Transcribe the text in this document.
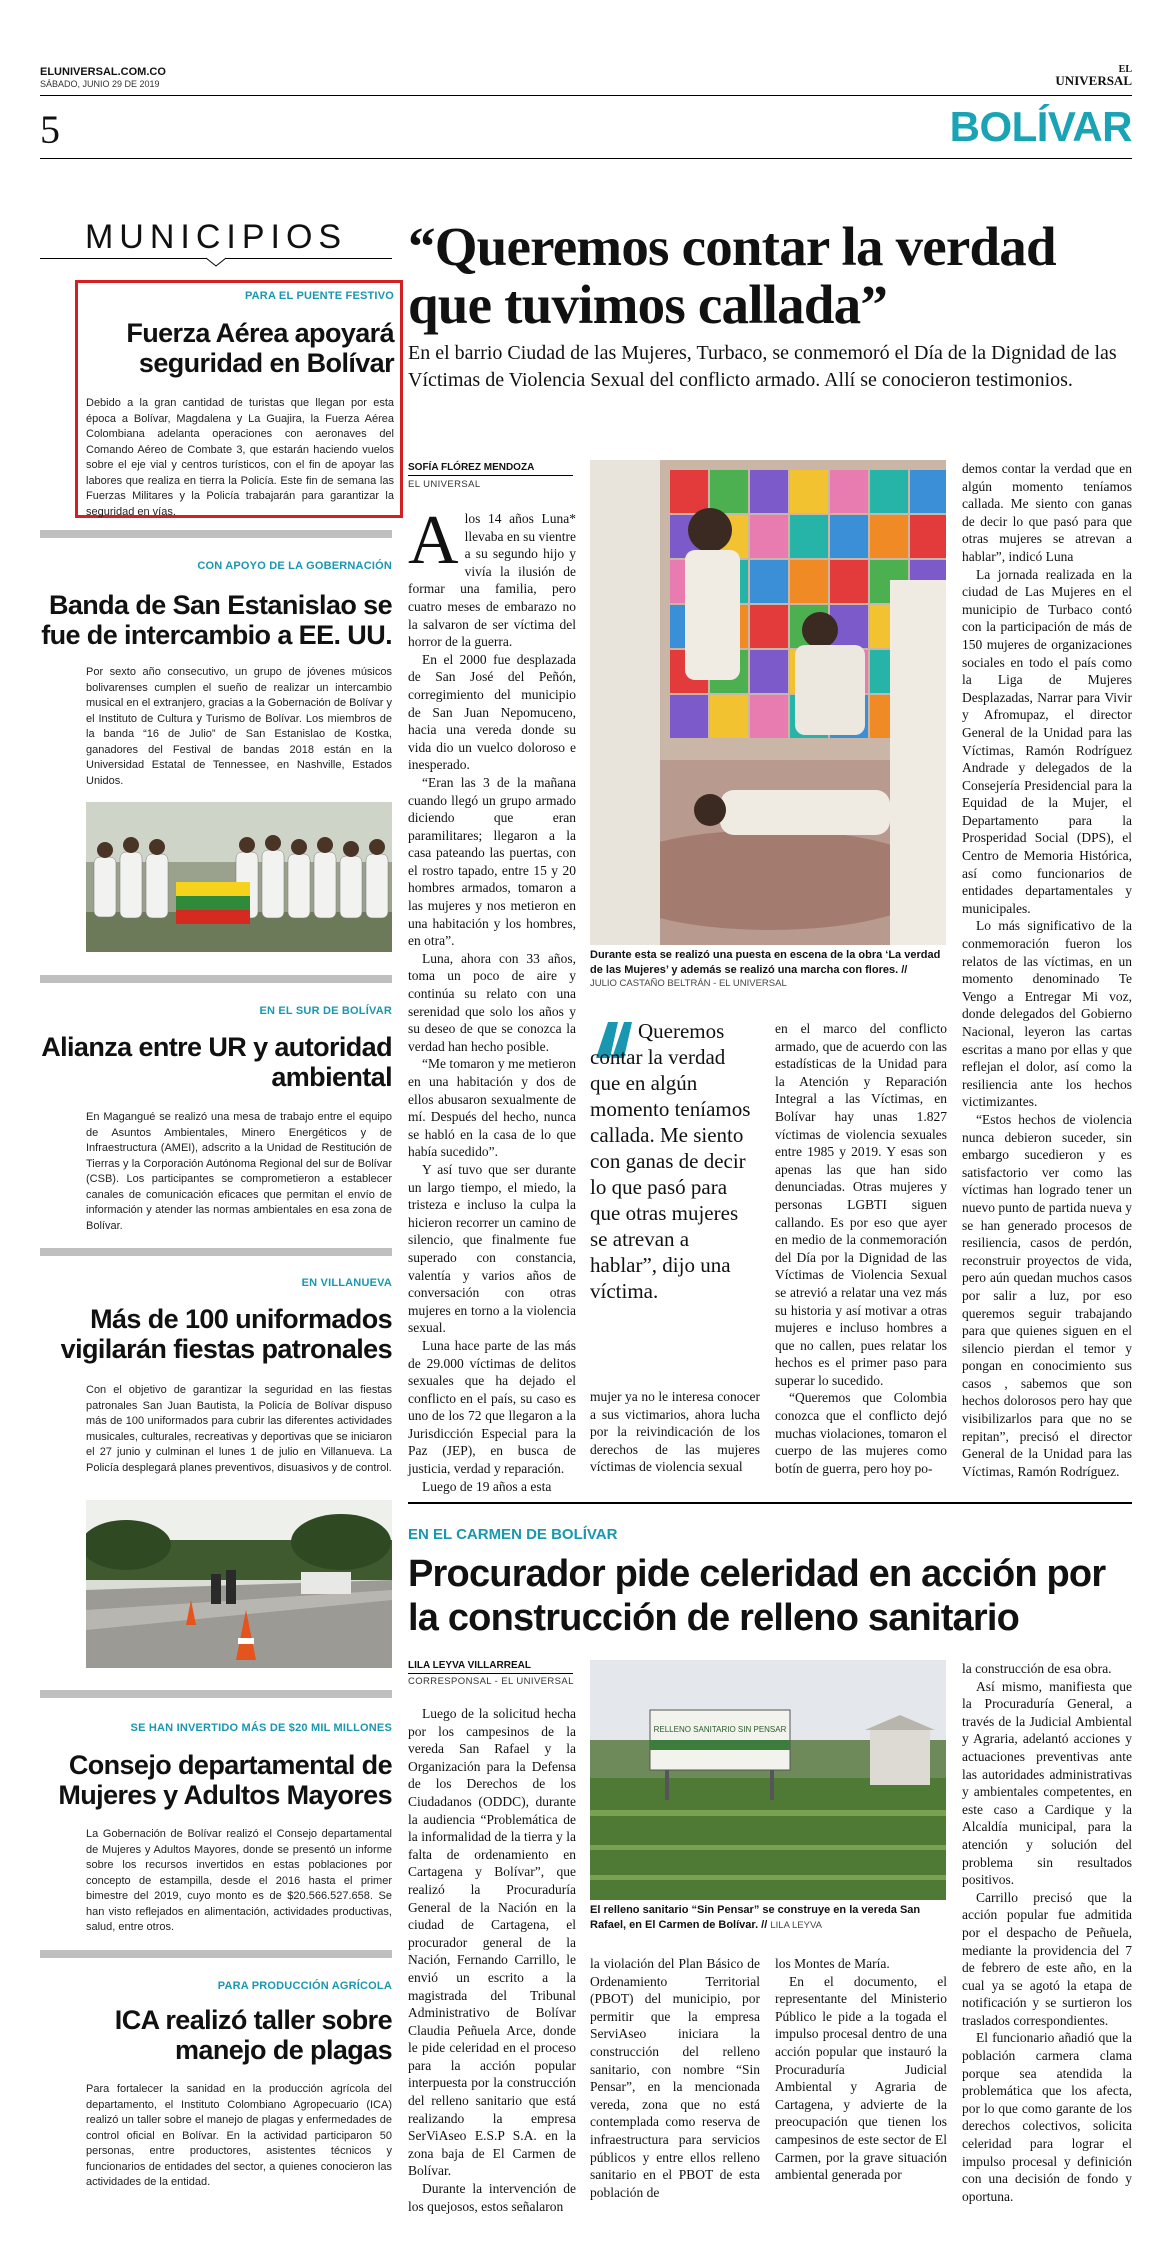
ELUNIVERSAL.COM.CO
SÁBADO, JUNIO 29 DE 2019
EL
UNIVERSAL
5	BOLÍVAR
MUNICIPIOS
PARA EL PUENTE FESTIVO
Fuerza Aérea apoyará seguridad en Bolívar
Debido a la gran cantidad de turistas que llegan por esta época a Bolívar, Magdalena y La Guajira, la Fuerza Aérea Colombiana adelanta operaciones con aeronaves del Comando Aéreo de Combate 3, que estarán haciendo vuelos sobre el eje vial y centros turísticos, con el fin de apoyar las labores que realiza en tierra la Policía. Este fin de semana las Fuerzas Militares y la Policía trabajarán para garantizar la seguridad en vías.
CON APOYO DE LA GOBERNACIÓN
Banda de San Estanislao se fue de intercambio a EE. UU.
Por sexto año consecutivo, un grupo de jóvenes músicos bolivarenses cumplen el sueño de realizar un intercambio musical en el extranjero, gracias a la Gobernación de Bolívar y el Instituto de Cultura y Turismo de Bolívar. Los miembros de la banda “16 de Julio” de San Estanislao de Kostka, ganadores del Festival de bandas 2018 están en la Universidad Estatal de Tennessee, en Nashville, Estados Unidos.
EN EL SUR DE BOLÍVAR
Alianza entre UR y autoridad ambiental
En Magangué se realizó una mesa de trabajo entre el equipo de Asuntos Ambientales, Minero Energéticos y de Infraestructura (AMEI), adscrito a la Unidad de Restitución de Tierras y la Corporación Autónoma Regional del sur de Bolívar (CSB). Los participantes se comprometieron a establecer canales de comunicación eficaces que permitan el envío de información y atender las normas ambientales en esa zona de Bolívar.
EN VILLANUEVA
Más de 100 uniformados vigilarán fiestas patronales
Con el objetivo de garantizar la seguridad en las fiestas patronales San Juan Bautista, la Policía de Bolívar dispuso más de 100 uniformados para cubrir las diferentes actividades musicales, culturales, recreativas y deportivas que se iniciaron el 27 junio y culminan el lunes 1 de julio en Villanueva. La Policía desplegará planes preventivos, disuasivos y de control.
SE HAN INVERTIDO MÁS DE $20 MIL MILLONES
Consejo departamental de Mujeres y Adultos Mayores
La Gobernación de Bolívar realizó el Consejo departamental de Mujeres y Adultos Mayores, donde se presentó un informe sobre los recursos invertidos en estas poblaciones por concepto de estampilla, desde el 2016 hasta el primer bimestre del 2019, cuyo monto es de $20.566.527.658. Se han visto reflejados en alimentación, actividades productivas, salud, entre otros.
PARA PRODUCCIÓN AGRÍCOLA
ICA realizó taller sobre manejo de plagas
Para fortalecer la sanidad en la producción agrícola del departamento, el Instituto Colombiano Agropecuario (ICA) realizó un taller sobre el manejo de plagas y enfermedades de control oficial en Bolívar. En la actividad participaron 50 personas, entre productores, asistentes técnicos y funcionarios de entidades del sector, a quienes conocieron las actividades de la entidad.
“Queremos contar la verdad que tuvimos callada”
En el barrio Ciudad de las Mujeres, Turbaco, se conmemoró el Día de la Dignidad de las Víctimas de Violencia Sexual del conflicto armado. Allí se conocieron testimonios.
SOFÍA FLÓREZ MENDOZA
EL UNIVERSAL
A los 14 años Luna* llevaba en su vientre a su segundo hijo y vivía la ilusión de formar una familia, pero cuatro meses de embarazo no la salvaron de ser víctima del horror de la guerra.

En el 2000 fue desplazada de San José del Peñón, corregimiento del municipio de San Juan Nepomuceno, hacia una vereda donde su vida dio un vuelco doloroso e inesperado.

“Eran las 3 de la mañana cuando llegó un grupo armado diciendo que eran paramilitares; llegaron a la casa pateando las puertas, con el rostro tapado, entre 15 y 20 hombres armados, tomaron a las mujeres y nos metieron en una habitación y los hombres, en otra”.

Luna, ahora con 33 años, toma un poco de aire y continúa su relato con una serenidad que solo los años y su deseo de que se conozca la verdad han hecho posible.

“Me tomaron y me metieron en una habitación y dos de ellos abusaron sexualmente de mí. Después del hecho, nunca se habló en la casa de lo que había sucedido”.

Y así tuvo que ser durante un largo tiempo, el miedo, la tristeza e incluso la culpa la hicieron recorrer un camino de silencio, que finalmente fue superado con constancia, valentía y varios años de conversación con otras mujeres en torno a la violencia sexual.

Luna hace parte de las más de 29.000 víctimas de delitos sexuales que ha dejado el conflicto en el país, su caso es uno de los 72 que llegaron a la Jurisdicción Especial para la Paz (JEP), en busca de justicia, verdad y reparación.

Luego de 19 años a esta

Durante esta se realizó una puesta en escena de la obra ‘La verdad de las Mujeres’ y además se realizó una marcha con flores. //
JULIO CASTAÑO BELTRÁN - EL UNIVERSAL
Queremos contar la verdad que en algún momento teníamos callada. Me siento con ganas de decir lo que pasó para que otras mujeres se atrevan a hablar”, dijo una víctima.
mujer ya no le interesa conocer a sus victimarios, ahora lucha por la reivindicación de los derechos de las mujeres víctimas de violencia sexual
en el marco del conflicto armado, que de acuerdo con las estadísticas de la Unidad para la Atención y Reparación Integral a las Víctimas, en Bolívar hay unas 1.827 víctimas de violencia sexuales entre 1985 y 2019. Y esas son apenas las que han sido denunciadas. Otras mujeres y personas LGBTI siguen callando. Es por eso que ayer en medio de la conmemoración del Día por la Dignidad de las Víctimas de Violencia Sexual se atrevió a relatar una vez más su historia y así motivar a otras mujeres e incluso hombres a que no callen, pues relatar los hechos es el primer paso para superar lo sucedido.

“Queremos que Colombia conozca que el conflicto dejó muchas violaciones, tomaron el cuerpo de las mujeres como botín de guerra, pero hoy po-

demos contar la verdad que en algún momento teníamos callada. Me siento con ganas de decir lo que pasó para que otras mujeres se atrevan a hablar”, indicó Luna

La jornada realizada en la ciudad de Las Mujeres en el municipio de Turbaco contó con la participación de más de 150 mujeres de organizaciones sociales en todo el país como la Liga de Mujeres Desplazadas, Narrar para Vivir y Afromupaz, el director General de la Unidad para las Víctimas, Ramón Rodríguez Andrade y delegados de la Consejería Presidencial para la Equidad de la Mujer, el Departamento para la Prosperidad Social (DPS), el Centro de Memoria Histórica, así como funcionarios de entidades departamentales y municipales.

Lo más significativo de la conmemoración fueron los relatos de las víctimas, en un momento denominado Te Vengo a Entregar Mi voz, donde delegados del Gobierno Nacional, leyeron las cartas escritas a mano por ellas y que reflejan el dolor, así como la resiliencia ante los hechos victimizantes.

“Estos hechos de violencia nunca debieron suceder, sin embargo sucedieron y es satisfactorio ver como las víctimas han logrado tener un nuevo punto de partida nueva y se han generado procesos de resiliencia, casos de perdón, reconstruir proyectos de vida, pero aún quedan muchos casos por salir a luz, por eso queremos seguir trabajando para que quienes siguen en el silencio pierdan el temor y pongan en conocimiento sus casos , sabemos que son hechos dolorosos pero hay que visibilizarlos para que no se repitan”, precisó el director General de la Unidad para las Víctimas, Ramón Rodríguez.

EN EL CARMEN DE BOLÍVAR
Procurador pide celeridad en acción por la construcción de relleno sanitario
LILA LEYVA VILLARREAL
CORRESPONSAL - EL UNIVERSAL

Luego de la solicitud hecha por los campesinos de la vereda San Rafael y la Organización para la Defensa de los Derechos de los Ciudadanos (ODDC), durante la audiencia “Problemática de la informalidad de la tierra y la falta de ordenamiento en Cartagena y Bolívar”, que realizó la Procuraduría General de la Nación en la ciudad de Cartagena, el procurador general de la Nación, Fernando Carrillo, le envió un escrito a la magistrada del Tribunal Administrativo de Bolívar Claudia Peñuela Arce, donde le pide celeridad en el proceso para la acción popular interpuesta por la construcción del relleno sanitario que está realizando la empresa SerViAseo E.S.P S.A. en la zona baja de El Carmen de Bolívar.

Durante la intervención de los quejosos, estos señalaron

RELLENO SANITARIO SIN PENSAR
El relleno sanitario “Sin Pensar” se construye en la vereda San Rafael, en El Carmen de Bolívar. // LILA LEYVA
la violación del Plan Básico de Ordenamiento Territorial (PBOT) del municipio, por permitir que la empresa ServiAseo iniciara la construcción del relleno sanitario, con nombre “Sin Pensar”, en la mencionada vereda, zona que no está contemplada como reserva de infraestructura para servicios públicos y entre ellos relleno sanitario en el PBOT de esta población de
los Montes de María.

En el documento, el representante del Ministerio Público le pide a la togada el impulso procesal dentro de una acción popular que instauró la Procuraduría Judicial Ambiental y Agraria de Cartagena, y advierte de la preocupación que tienen los campesinos de este sector de El Carmen, por la grave situación ambiental generada por

la construcción de esa obra.

Así mismo, manifiesta que la Procuraduría General, a través de la Judicial Ambiental y Agraria, adelantó acciones y actuaciones preventivas ante las autoridades administrativas y ambientales competentes, en este caso a Cardique y la Alcaldía municipal, para la atención y solución del problema sin resultados positivos.

Carrillo precisó que la acción popular fue admitida por el despacho de Peñuela, mediante la providencia del 7 de febrero de este año, en la cual ya se agotó la etapa de notificación y se surtieron los traslados correspondientes.

El funcionario añadió que la población carmera clama porque sea atendida la problemática que los afecta, por lo que como garante de los derechos colectivos, solicita celeridad para lograr el impulso procesal y definición con una decisión de fondo y oportuna.
